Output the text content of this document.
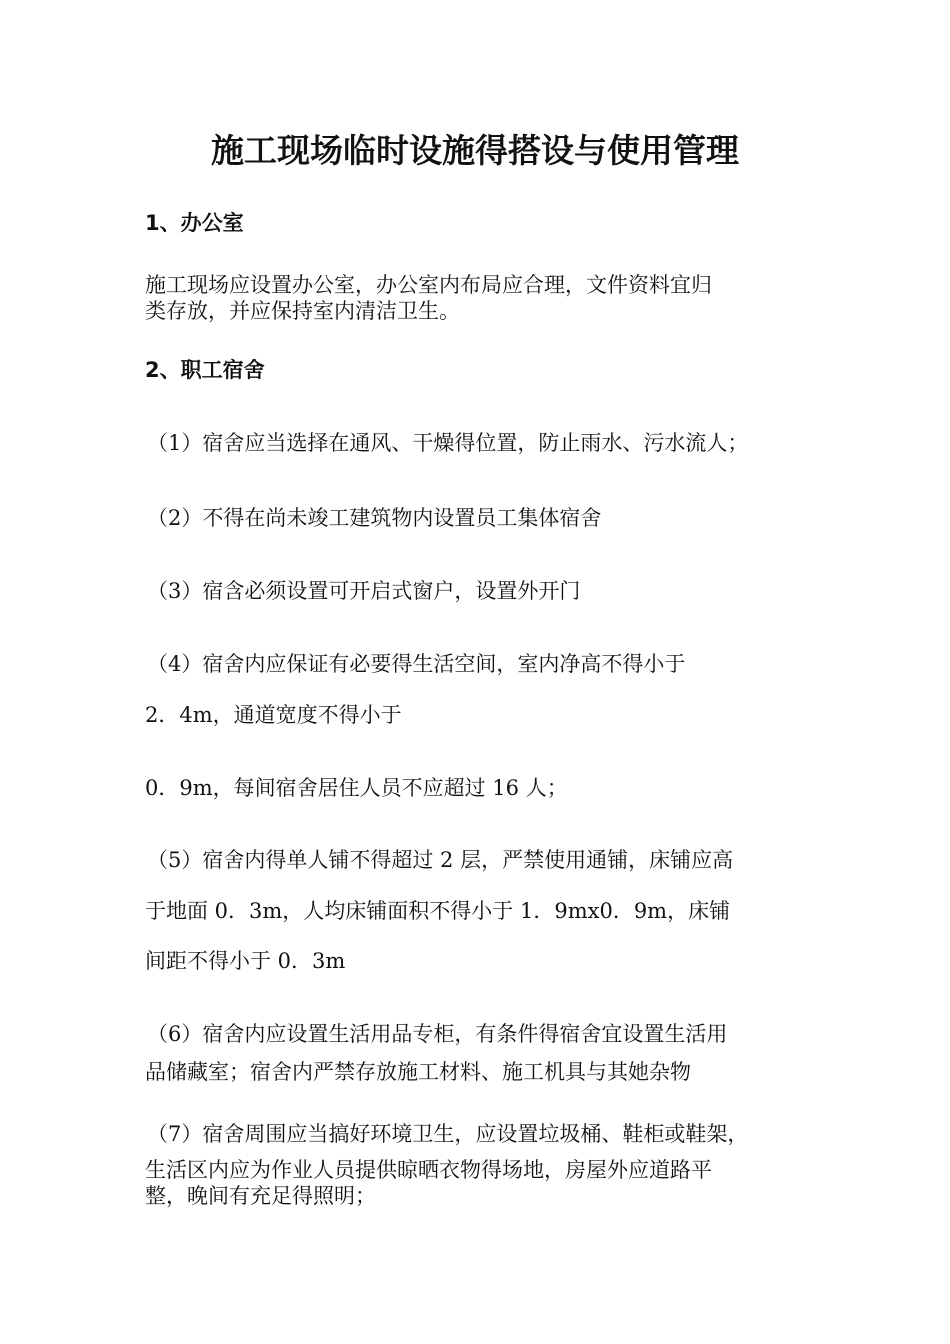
施工现场临时设施得搭设与使用管理
1、办公室
施工现场应设置办公室，办公室内布局应合理，文件资料宜归
类存放，并应保持室内清洁卫生。
2、职工宿舍
（1）宿舍应当选择在通风、干燥得位置，防止雨水、污水流人；
（2）不得在尚未竣工建筑物内设置员工集体宿舍
（3）宿含必须设置可开启式窗户，设置外开门
（4）宿舍内应保证有必要得生活空间，室内净高不得小于
2．4m，通道宽度不得小于
0．9m，每间宿舍居住人员不应超过 16 人；
（5）宿舍内得单人铺不得超过 2 层，严禁使用通铺，床铺应高
于地面 0．3m，人均床铺面积不得小于 1．9mx0．9m，床铺
间距不得小于 0．3m
（6）宿舍内应设置生活用品专柜，有条件得宿舍宜设置生活用
品储藏室；宿舍内严禁存放施工材料、施工机具与其她杂物
（7）宿舍周围应当搞好环境卫生，应设置垃圾桶、鞋柜或鞋架，
生活区内应为作业人员提供晾晒衣物得场地，房屋外应道路平
整，晚间有充足得照明；
